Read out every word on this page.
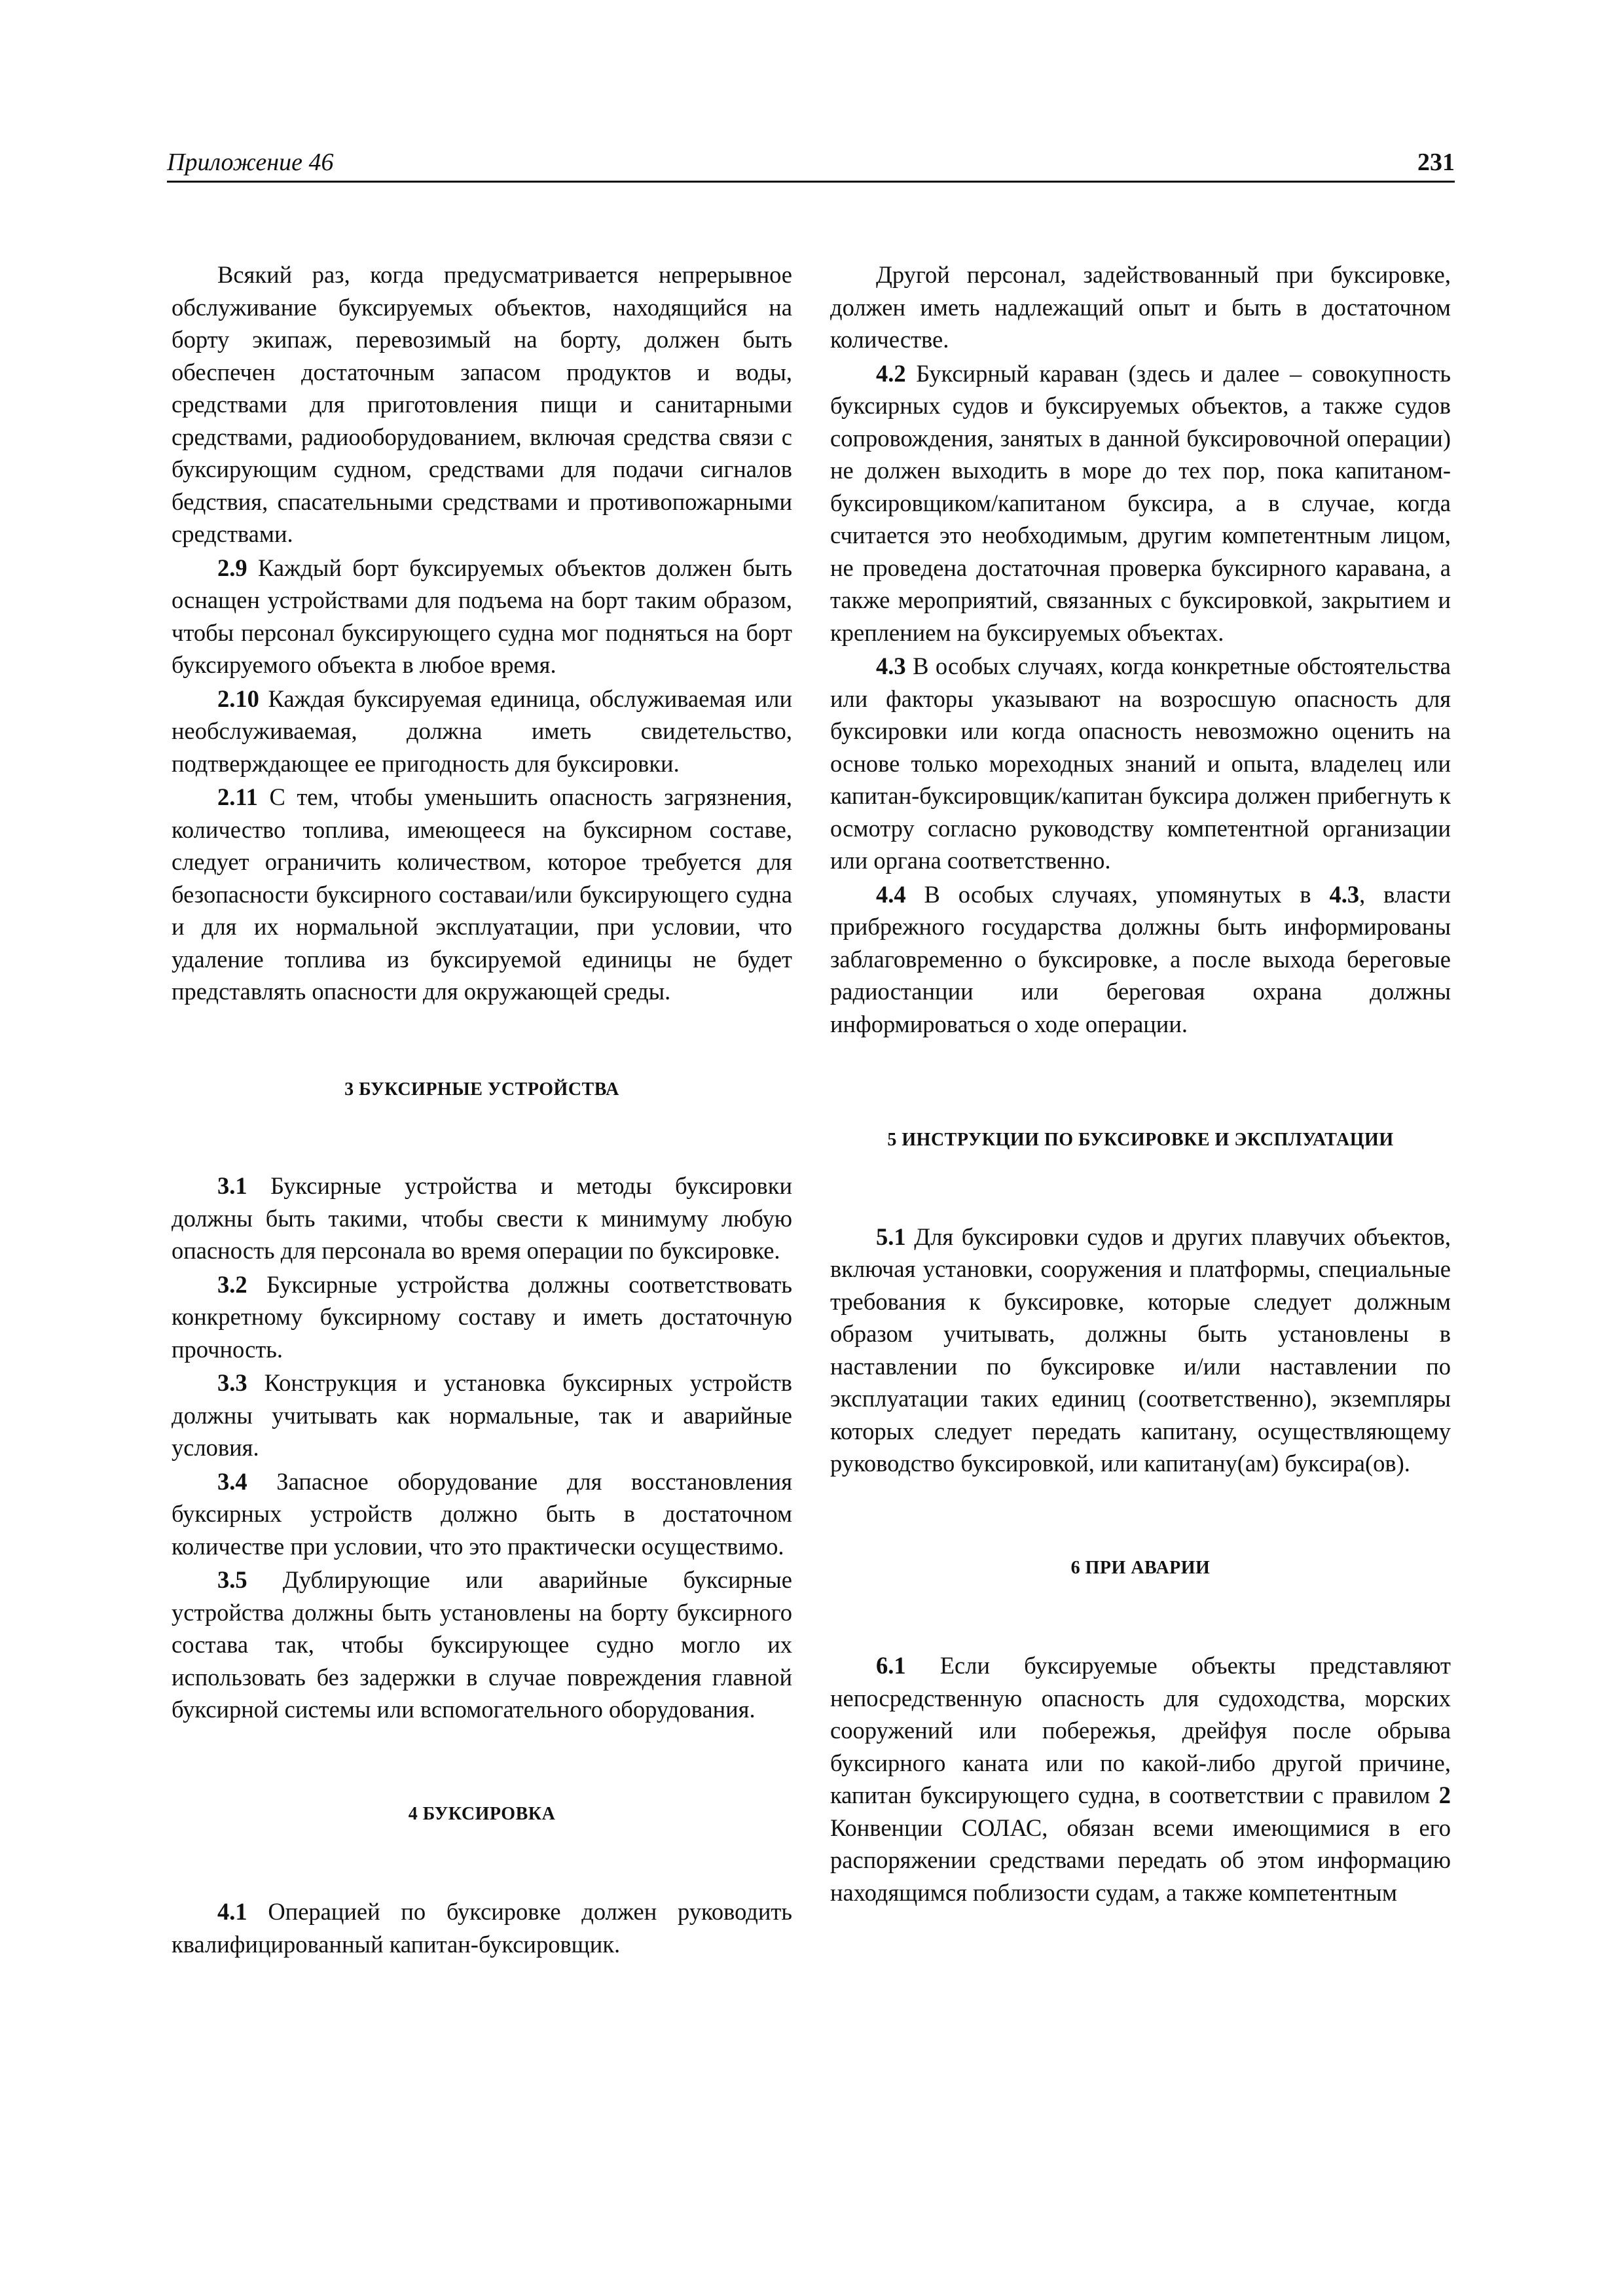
Приложение 46	231

Всякий раз, когда предусматривается непрерывное обслуживание буксируемых объектов, находящийся на борту экипаж, перевозимый на борту, должен быть обеспечен достаточным запасом продуктов и воды, средствами для приготовления пищи и санитарными средствами, радиооборудованием, включая средства связи с буксирующим судном, средствами для подачи сигналов бедствия, спасательными средствами и противопожарными средствами.

2.9 Каждый борт буксируемых объектов должен быть оснащен устройствами для подъема на борт таким образом, чтобы персонал буксирующего судна мог подняться на борт буксируемого объекта в любое время.

2.10 Каждая буксируемая единица, обслуживаемая или необслуживаемая, должна иметь свидетельство, подтверждающее ее пригодность для буксировки.

2.11 С тем, чтобы уменьшить опасность загрязнения, количество топлива, имеющееся на буксирном составе, следует ограничить количеством, которое требуется для безопасности буксирного составаи/или буксирующего судна и для их нормальной эксплуатации, при условии, что удаление топлива из буксируемой единицы не будет представлять опасности для окружающей среды.

3 БУКСИРНЫЕ УСТРОЙСТВА

3.1 Буксирные устройства и методы буксировки должны быть такими, чтобы свести к минимуму любую опасность для персонала во время операции по буксировке.

3.2 Буксирные устройства должны соответствовать конкретному буксирному составу и иметь достаточную прочность.

3.3 Конструкция и установка буксирных устройств должны учитывать как нормальные, так и аварийные условия.

3.4 Запасное оборудование для восстановления буксирных устройств должно быть в достаточном количестве при условии, что это практически осуществимо.

3.5 Дублирующие или аварийные буксирные устройства должны быть установлены на борту буксирного состава так, чтобы буксирующее судно могло их использовать без задержки в случае повреждения главной буксирной системы или вспомогательного оборудования.

4 БУКСИРОВКА

4.1 Операцией по буксировке должен руководить квалифицированный капитан-буксировщик.

Другой персонал, задействованный при буксировке, должен иметь надлежащий опыт и быть в достаточном количестве.

4.2 Буксирный караван (здесь и далее – совокупность буксирных судов и буксируемых объектов, а также судов сопровождения, занятых в данной буксировочной операции) не должен выходить в море до тех пор, пока капитаном-буксировщиком/капитаном буксира, а в случае, когда считается это необходимым, другим компетентным лицом, не проведена достаточная проверка буксирного каравана, а также мероприятий, связанных с буксировкой, закрытием и креплением на буксируемых объектах.

4.3 В особых случаях, когда конкретные обстоятельства или факторы указывают на возросшую опасность для буксировки или когда опасность невозможно оценить на основе только мореходных знаний и опыта, владелец или капитан-буксировщик/капитан буксира должен прибегнуть к осмотру согласно руководству компетентной организации или органа соответственно.

4.4 В особых случаях, упомянутых в 4.3, власти прибрежного государства должны быть информированы заблаговременно о буксировке, а после выхода береговые радиостанции или береговая охрана должны информироваться о ходе операции.

5 ИНСТРУКЦИИ ПО БУКСИРОВКЕ И ЭКСПЛУАТАЦИИ

5.1 Для буксировки судов и других плавучих объектов, включая установки, сооружения и платформы, специальные требования к буксировке, которые следует должным образом учитывать, должны быть установлены в наставлении по буксировке и/или наставлении по эксплуатации таких единиц (соответственно), экземпляры которых следует передать капитану, осуществляющему руководство буксировкой, или капитану(ам) буксира(ов).

6 ПРИ АВАРИИ

6.1 Если буксируемые объекты представляют непосредственную опасность для судоходства, морских сооружений или побережья, дрейфуя после обрыва буксирного каната или по какой-либо другой причине, капитан буксирующего судна, в соответствии с правилом 2 Конвенции СОЛАС, обязан всеми имеющимися в его распоряжении средствами передать об этом информацию находящимся поблизости судам, а также компетентным
